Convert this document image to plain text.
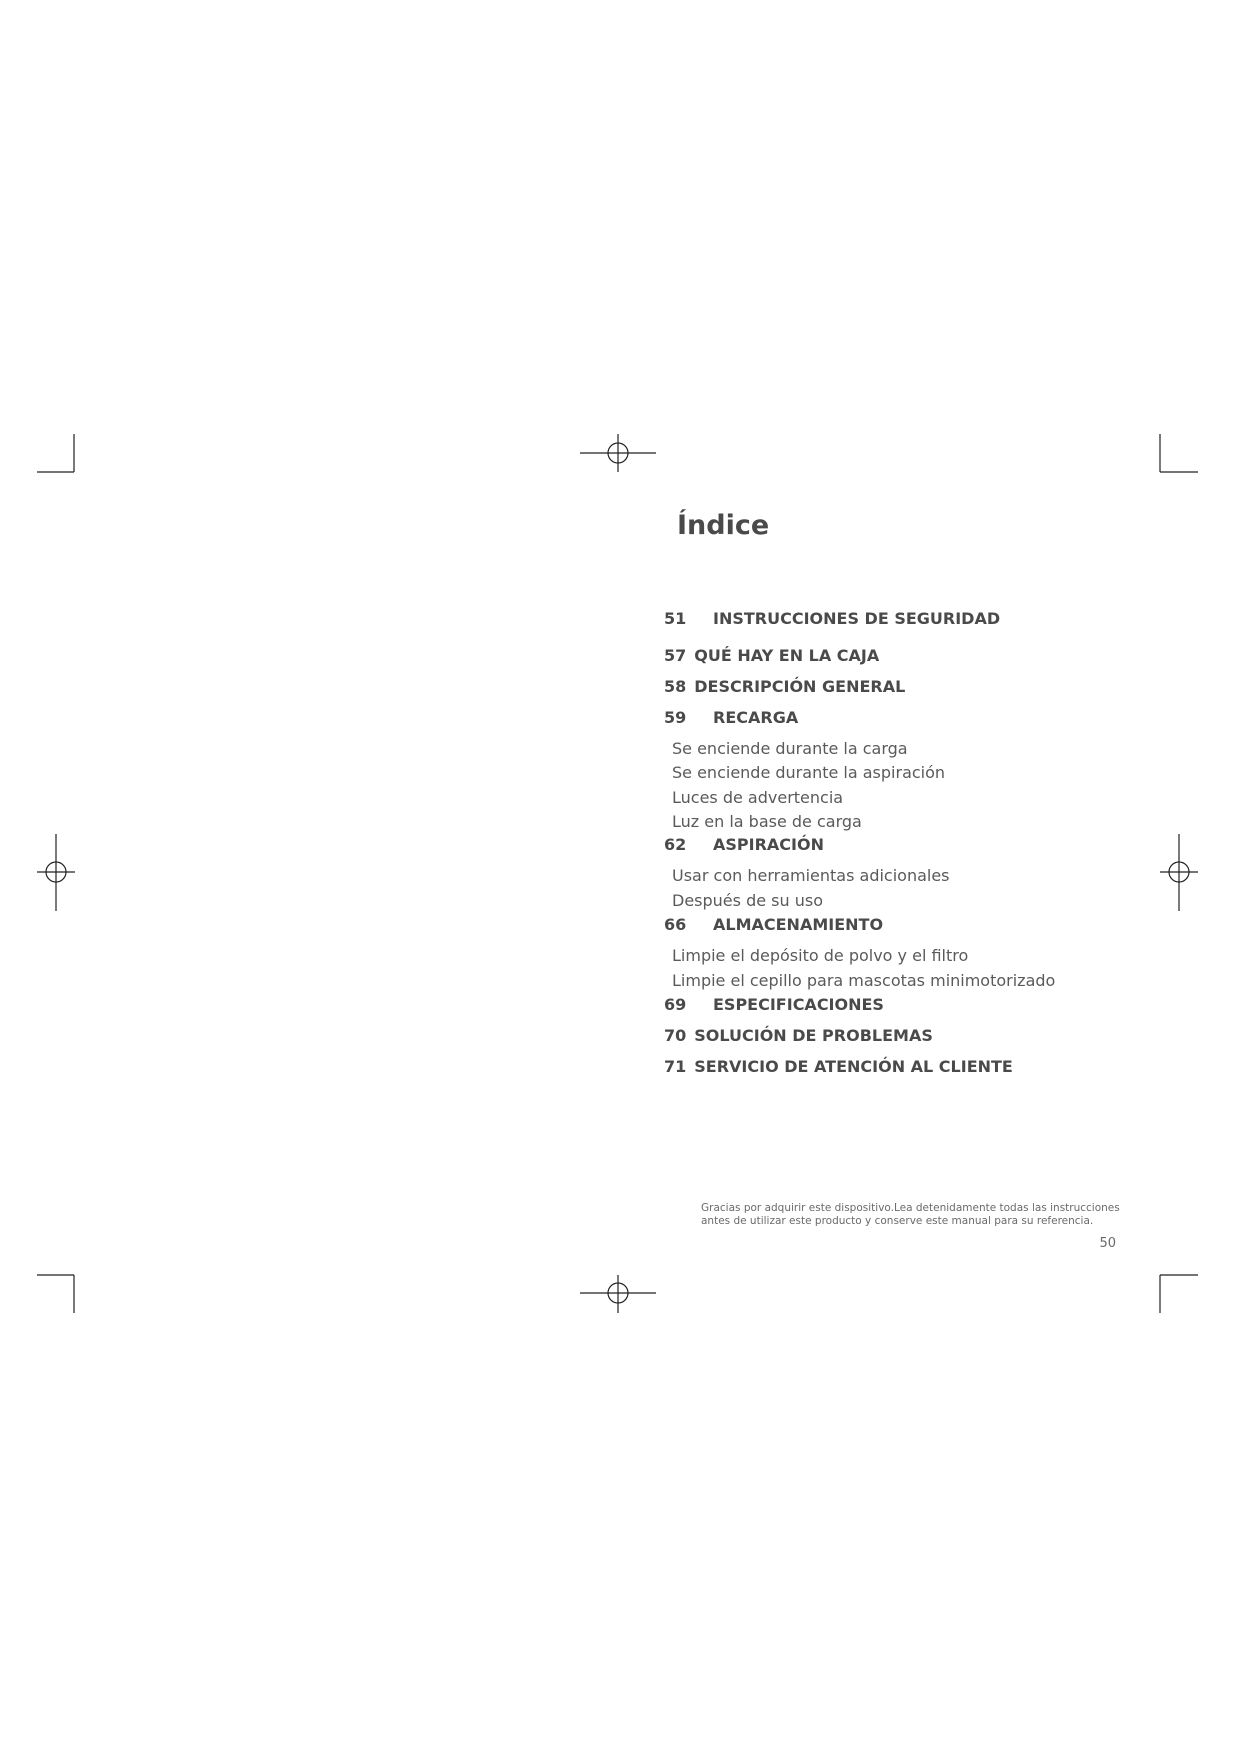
Índice
51 INSTRUCCIONES DE SEGURIDAD
57 QUÉ HAY EN LA CAJA
58 DESCRIPCIÓN GENERAL
59 RECARGA
Se enciende durante la carga
Se enciende durante la aspiración
Luces de advertencia
Luz en la base de carga
62 ASPIRACIÓN
Usar con herramientas adicionales
Después de su uso
66 ALMACENAMIENTO
Limpie el depósito de polvo y el filtro
Limpie el cepillo para mascotas minimotorizado
69 ESPECIFICACIONES
70 SOLUCIÓN DE PROBLEMAS
71 SERVICIO DE ATENCIÓN AL CLIENTE
Gracias por adquirir este dispositivo.Lea detenidamente todas las instrucciones antes de utilizar este producto y conserve este manual para su referencia.
50
